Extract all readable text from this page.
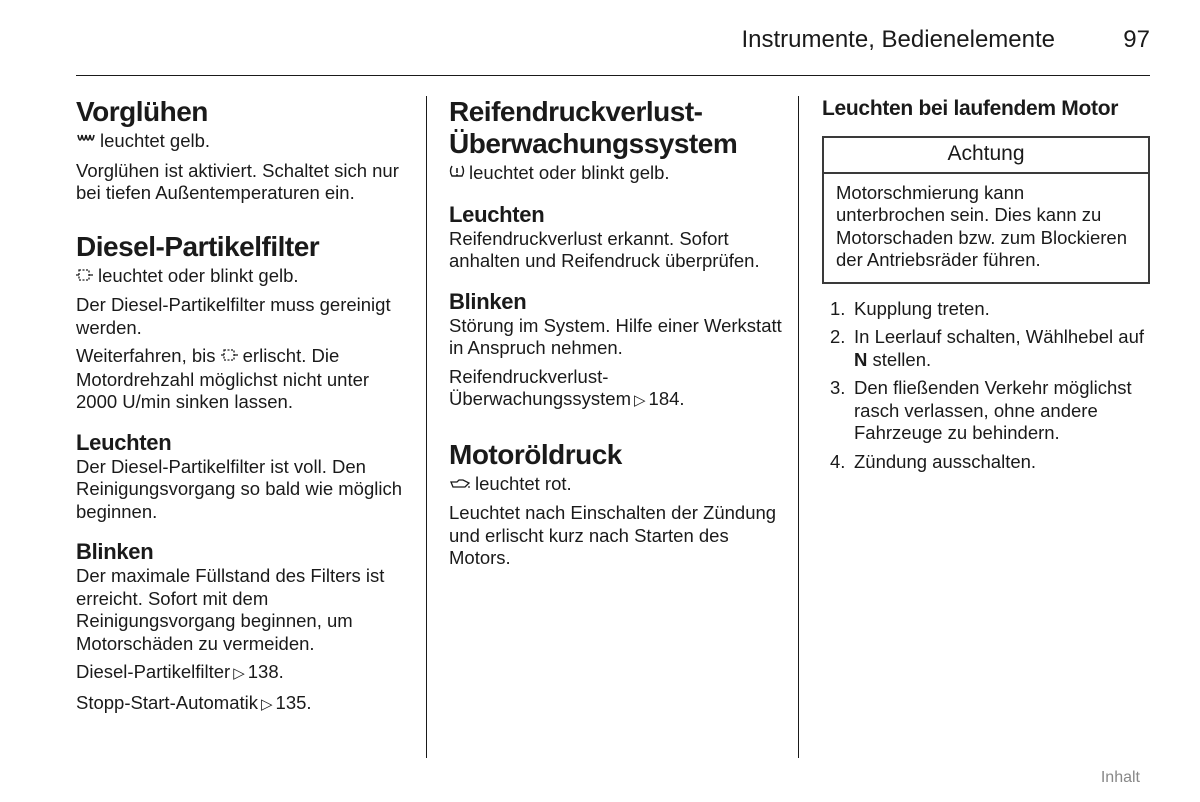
Instrumente, Bedienelemente	97
Vorglühen

leuchtet gelb.

Vorglühen ist aktiviert. Schaltet sich nur bei tiefen Außentemperaturen ein.

Diesel-Partikelfilter

leuchtet oder blinkt gelb.

Der Diesel-Partikelfilter muss gereinigt werden.

Weiterfahren, bis erlischt. Die Motordrehzahl möglichst nicht unter 2000 U/min sinken lassen.

Leuchten

Der Diesel-Partikelfilter ist voll. Den Reinigungsvorgang so bald wie möglich beginnen.

Blinken

Der maximale Füllstand des Filters ist erreicht. Sofort mit dem Reinigungsvorgang beginnen, um Motorschäden zu vermeiden.

Diesel-Partikelfilter ▷ 138.

Stopp-Start-Automatik ▷ 135.

Reifendruckverlust-Überwachungssystem

leuchtet oder blinkt gelb.

Leuchten

Reifendruckverlust erkannt. Sofort anhalten und Reifendruck überprüfen.

Blinken

Störung im System. Hilfe einer Werkstatt in Anspruch nehmen.

Reifendruckverlust-Überwachungssystem ▷ 184.

Motoröldruck

leuchtet rot.

Leuchtet nach Einschalten der Zündung und erlischt kurz nach Starten des Motors.

Leuchten bei laufendem Motor
Achtung
Motorschmierung kann unterbrochen sein. Dies kann zu Motorschaden bzw. zum Blockieren der Antriebsräder führen.
1. Kupplung treten.
2. In Leerlauf schalten, Wählhebel auf N stellen.
3. Den fließenden Verkehr möglichst rasch verlassen, ohne andere Fahrzeuge zu behindern.
4. Zündung ausschalten.
Inhalt
